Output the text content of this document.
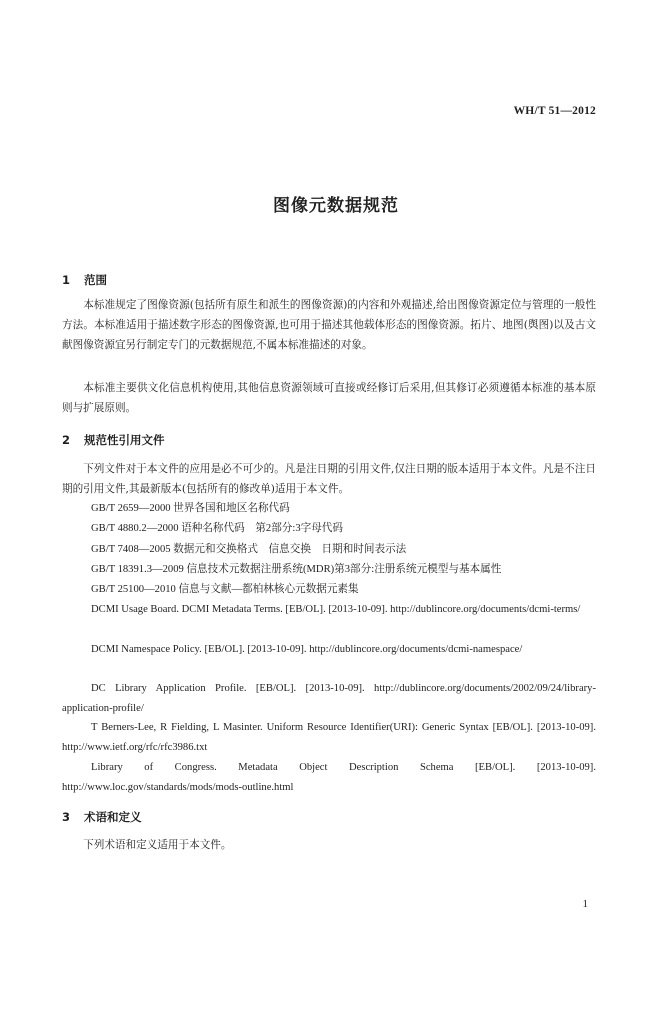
WH/T 51—2012
图像元数据规范
1 范围

本标准规定了图像资源(包括所有原生和派生的图像资源)的内容和外观描述,给出图像资源定位与管理的一般性方法。本标准适用于描述数字形态的图像资源,也可用于描述其他载体形态的图像资源。拓片、地图(舆图)以及古文献图像资源宜另行制定专门的元数据规范,不属本标准描述的对象。

本标准主要供文化信息机构使用,其他信息资源领域可直接或经修订后采用,但其修订必须遵循本标准的基本原则与扩展原则。

2 规范性引用文件

下列文件对于本文件的应用是必不可少的。凡是注日期的引用文件,仅注日期的版本适用于本文件。凡是不注日期的引用文件,其最新版本(包括所有的修改单)适用于本文件。

GB/T 2659—2000 世界各国和地区名称代码

GB/T 4880.2—2000 语种名称代码　第2部分:3字母代码

GB/T 7408—2005 数据元和交换格式　信息交换　日期和时间表示法

GB/T 18391.3—2009 信息技术元数据注册系统(MDR)第3部分:注册系统元模型与基本属性

GB/T 25100—2010 信息与文献—都柏林核心元数据元素集

DCMI Usage Board. DCMI Metadata Terms. [EB/OL]. [2013-10-09]. http://dublincore.org/documents/dcmi-terms/

DCMI Namespace Policy. [EB/OL]. [2013-10-09]. http://dublincore.org/documents/dcmi-namespace/

DC Library Application Profile. [EB/OL]. [2013-10-09]. http://dublincore.org/documents/2002/09/24/library-application-profile/

T Berners-Lee, R Fielding, L Masinter. Uniform Resource Identifier(URI): Generic Syntax [EB/OL]. [2013-10-09]. http://www.ietf.org/rfc/rfc3986.txt

Library of Congress. Metadata Object Description Schema [EB/OL]. [2013-10-09]. http://www.loc.gov/standards/mods/mods-outline.html

3 术语和定义

下列术语和定义适用于本文件。

1
